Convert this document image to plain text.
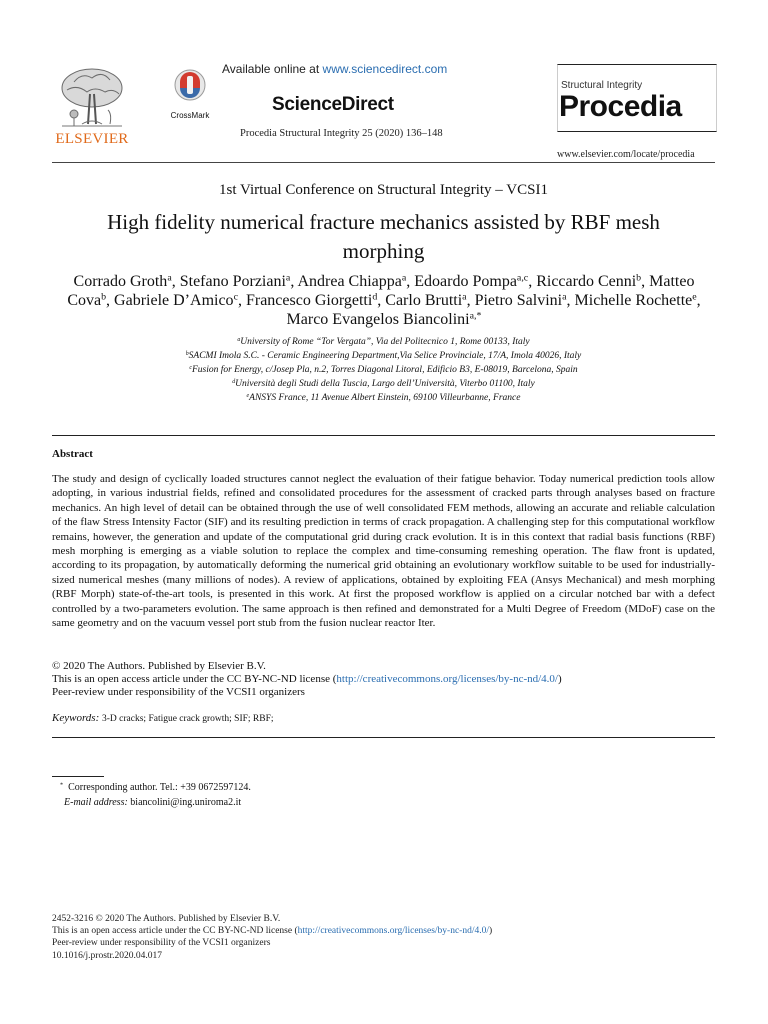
ELSEVIER
CrossMark
Available online at www.sciencedirect.com
ScienceDirect
Procedia Structural Integrity 25 (2020) 136–148
Structural Integrity
Procedia
www.elsevier.com/locate/procedia
1st Virtual Conference on Structural Integrity – VCSI1
High fidelity numerical fracture mechanics assisted by RBF mesh
morphing
Corrado Groth$^a$, Stefano Porziani$^a$, Andrea Chiappa$^a$, Edoardo Pompa$^{a,c}$, Riccardo Cenni$^b$, Matteo Cova$^b$, Gabriele D’Amico$^c$, Francesco Giorgetti$^d$, Carlo Brutti$^a$, Pietro Salvini$^a$, Michelle Rochette$^e$, Marco Evangelos Biancolini$^{a,*}$
$^a$University of Rome “Tor Vergata”, Via del Politecnico 1, Rome 00133, Italy
$^b$SACMI Imola S.C. - Ceramic Engineering Department,Via Selice Provinciale, 17/A, Imola 40026, Italy
$^c$Fusion for Energy, c/Josep Pla, n.2, Torres Diagonal Litoral, Edificio B3, E-08019, Barcelona, Spain
$^d$Università degli Studi della Tuscia, Largo dell’Università, Viterbo 01100, Italy
$^e$ANSYS France, 11 Avenue Albert Einstein, 69100 Villeurbanne, France
Abstract
The study and design of cyclically loaded structures cannot neglect the evaluation of their fatigue behavior. Today numerical prediction tools allow adopting, in various industrial fields, refined and consolidated procedures for the assessment of cracked parts through analyses based on fracture mechanics. An high level of detail can be obtained through the use of well consolidated FEM methods, allowing an accurate and reliable calculation of the flaw Stress Intensity Factor (SIF) and its resulting prediction in terms of crack propagation. A challenging step for this computational workflow remains, however, the generation and update of the computational grid during crack evolution. It is in this context that radial basis functions (RBF) mesh morphing is emerging as a viable solution to replace the complex and time-consuming remeshing operation. The flaw front is updated, according to its propagation, by automatically deforming the numerical grid obtaining an evolutionary workflow suitable to be used for industrially-sized numerical meshes (many millions of nodes). A review of applications, obtained by exploiting FEA (Ansys Mechanical) and mesh morphing (RBF Morph) state-of-the-art tools, is presented in this work. At first the proposed workflow is applied on a circular notched bar with a defect controlled by a two-parameters evolution. The same approach is then refined and demonstrated for a Multi Degree of Freedom (MDoF) case on the same geometry and on the vacuum vessel port stub from the fusion nuclear reactor Iter.
© 2020 The Authors. Published by Elsevier B.V.
This is an open access article under the CC BY-NC-ND license (http://creativecommons.org/licenses/by-nc-nd/4.0/)
Peer-review under responsibility of the VCSI1 organizers
Keywords: 3-D cracks; Fatigue crack growth; SIF; RBF;
* Corresponding author. Tel.: +39 0672597124.
E-mail address: biancolini@ing.uniroma2.it
2452-3216 © 2020 The Authors. Published by Elsevier B.V.
This is an open access article under the CC BY-NC-ND license (http://creativecommons.org/licenses/by-nc-nd/4.0/)
Peer-review under responsibility of the VCSI1 organizers
10.1016/j.prostr.2020.04.017
